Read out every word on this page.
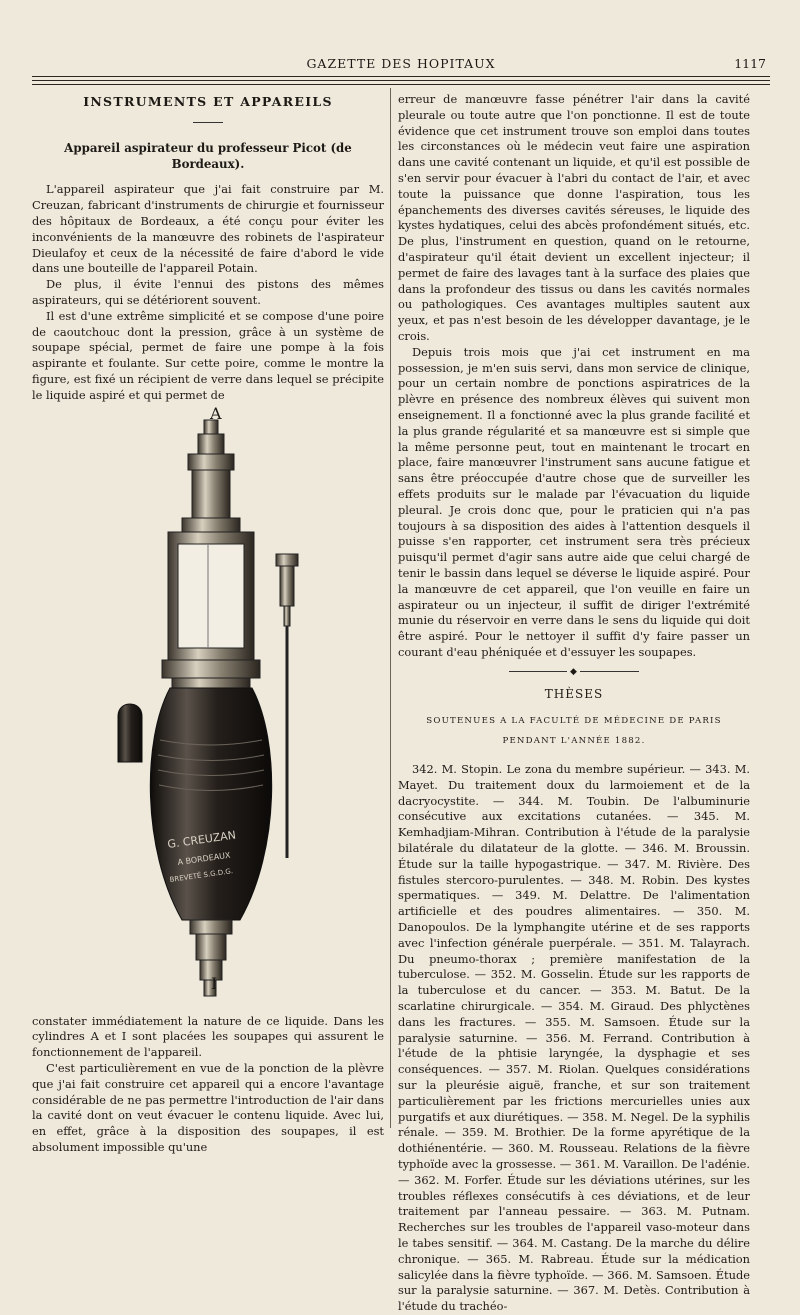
GAZETTE DES HOPITAUX	1117
INSTRUMENTS ET APPAREILS
Appareil aspirateur du professeur Picot (de Bordeaux).

L'appareil aspirateur que j'ai fait construire par M. Creuzan, fabricant d'instruments de chirurgie et fournisseur des hôpitaux de Bordeaux, a été conçu pour éviter les inconvénients de la manœuvre des robinets de l'aspirateur Dieulafoy et ceux de la nécessité de faire d'abord le vide dans une bouteille de l'appareil Potain.

De plus, il évite l'ennui des pistons des mêmes aspirateurs, qui se détériorent souvent.

Il est d'une extrême simplicité et se compose d'une poire de caoutchouc dont la pression, grâce à un système de soupape spécial, permet de faire une pompe à la fois aspirante et foulante. Sur cette poire, comme le montre la figure, est fixé un récipient de verre dans lequel se précipite le liquide aspiré et qui permet de

A
G. CREUZAN
A BORDEAUX
BREVETÉ S.G.D.G.
I

constater immédiatement la nature de ce liquide. Dans les cylindres A et I sont placées les soupapes qui assurent le fonctionnement de l'appareil.

C'est particulièrement en vue de la ponction de la plèvre que j'ai fait construire cet appareil qui a encore l'avantage considérable de ne pas permettre l'introduction de l'air dans la cavité dont on veut évacuer le contenu liquide. Avec lui, en effet, grâce à la disposition des soupapes, il est absolument impossible qu'une

erreur de manœuvre fasse pénétrer l'air dans la cavité pleurale ou toute autre que l'on ponctionne. Il est de toute évidence que cet instrument trouve son emploi dans toutes les circonstances où le médecin veut faire une aspiration dans une cavité contenant un liquide, et qu'il est possible de s'en servir pour évacuer à l'abri du contact de l'air, et avec toute la puissance que donne l'aspiration, tous les épanchements des diverses cavités séreuses, le liquide des kystes hydatiques, celui des abcès profondément situés, etc. De plus, l'instrument en question, quand on le retourne, d'aspirateur qu'il était devient un excellent injecteur; il permet de faire des lavages tant à la surface des plaies que dans la profondeur des tissus ou dans les cavités normales ou pathologiques. Ces avantages multiples sautent aux yeux, et pas n'est besoin de les développer davantage, je le crois.

Depuis trois mois que j'ai cet instrument en ma possession, je m'en suis servi, dans mon service de clinique, pour un certain nombre de ponctions aspiratrices de la plèvre en présence des nombreux élèves qui suivent mon enseignement. Il a fonctionné avec la plus grande facilité et la plus grande régularité et sa manœuvre est si simple que la même personne peut, tout en maintenant le trocart en place, faire manœuvrer l'instrument sans aucune fatigue et sans être préoccupée d'autre chose que de surveiller les effets produits sur le malade par l'évacuation du liquide pleural. Je crois donc que, pour le praticien qui n'a pas toujours à sa disposition des aides à l'attention desquels il puisse s'en rapporter, cet instrument sera très précieux puisqu'il permet d'agir sans autre aide que celui chargé de tenir le bassin dans lequel se déverse le liquide aspiré. Pour la manœuvre de cet appareil, que l'on veuille en faire un aspirateur ou un injecteur, il suffit de diriger l'extrémité munie du réservoir en verre dans le sens du liquide qui doit être aspiré. Pour le nettoyer il suffit d'y faire passer un courant d'eau phéniquée et d'essuyer les soupapes.

◆
THÈSES
SOUTENUES A LA FACULTÉ DE MÉDECINE DE PARIS
PENDANT L'ANNÉE 1882.

342. M. Stopin. Le zona du membre supérieur. — 343. M. Mayet. Du traitement doux du larmoiement et de la dacryocystite. — 344. M. Toubin. De l'albuminurie consécutive aux excitations cutanées. — 345. M. Kemhadjiam-Mihran. Contribution à l'étude de la paralysie bilatérale du dilatateur de la glotte. — 346. M. Broussin. Étude sur la taille hypogastrique. — 347. M. Rivière. Des fistules stercoro-purulentes. — 348. M. Robin. Des kystes spermatiques. — 349. M. Delattre. De l'alimentation artificielle et des poudres alimentaires. — 350. M. Danopoulos. De la lymphangite utérine et de ses rapports avec l'infection générale puerpérale. — 351. M. Talayrach. Du pneumo-thorax ; première manifestation de la tuberculose. — 352. M. Gosselin. Étude sur les rapports de la tuberculose et du cancer. — 353. M. Batut. De la scarlatine chirurgicale. — 354. M. Giraud. Des phlyctènes dans les fractures. — 355. M. Samsoen. Étude sur la paralysie saturnine. — 356. M. Ferrand. Contribution à l'étude de la phtisie laryngée, la dysphagie et ses conséquences. — 357. M. Riolan. Quelques considérations sur la pleurésie aiguë, franche, et sur son traitement particulièrement par les frictions mercurielles unies aux purgatifs et aux diurétiques. — 358. M. Negel. De la syphilis rénale. — 359. M. Brothier. De la forme apyrétique de la dothiénentérie. — 360. M. Rousseau. Relations de la fièvre typhoïde avec la grossesse. — 361. M. Varaillon. De l'adénie. — 362. M. Forfer. Étude sur les déviations utérines, sur les troubles réflexes consécutifs à ces déviations, et de leur traitement par l'anneau pessaire. — 363. M. Putnam. Recherches sur les troubles de l'appareil vaso-moteur dans le tabes sensitif. — 364. M. Castang. De la marche du délire chronique. — 365. M. Rabreau. Étude sur la médication salicylée dans la fièvre typhoïde. — 366. M. Samsoen. Étude sur la paralysie saturnine. — 367. M. Detès. Contribution à l'étude du trachéo-
